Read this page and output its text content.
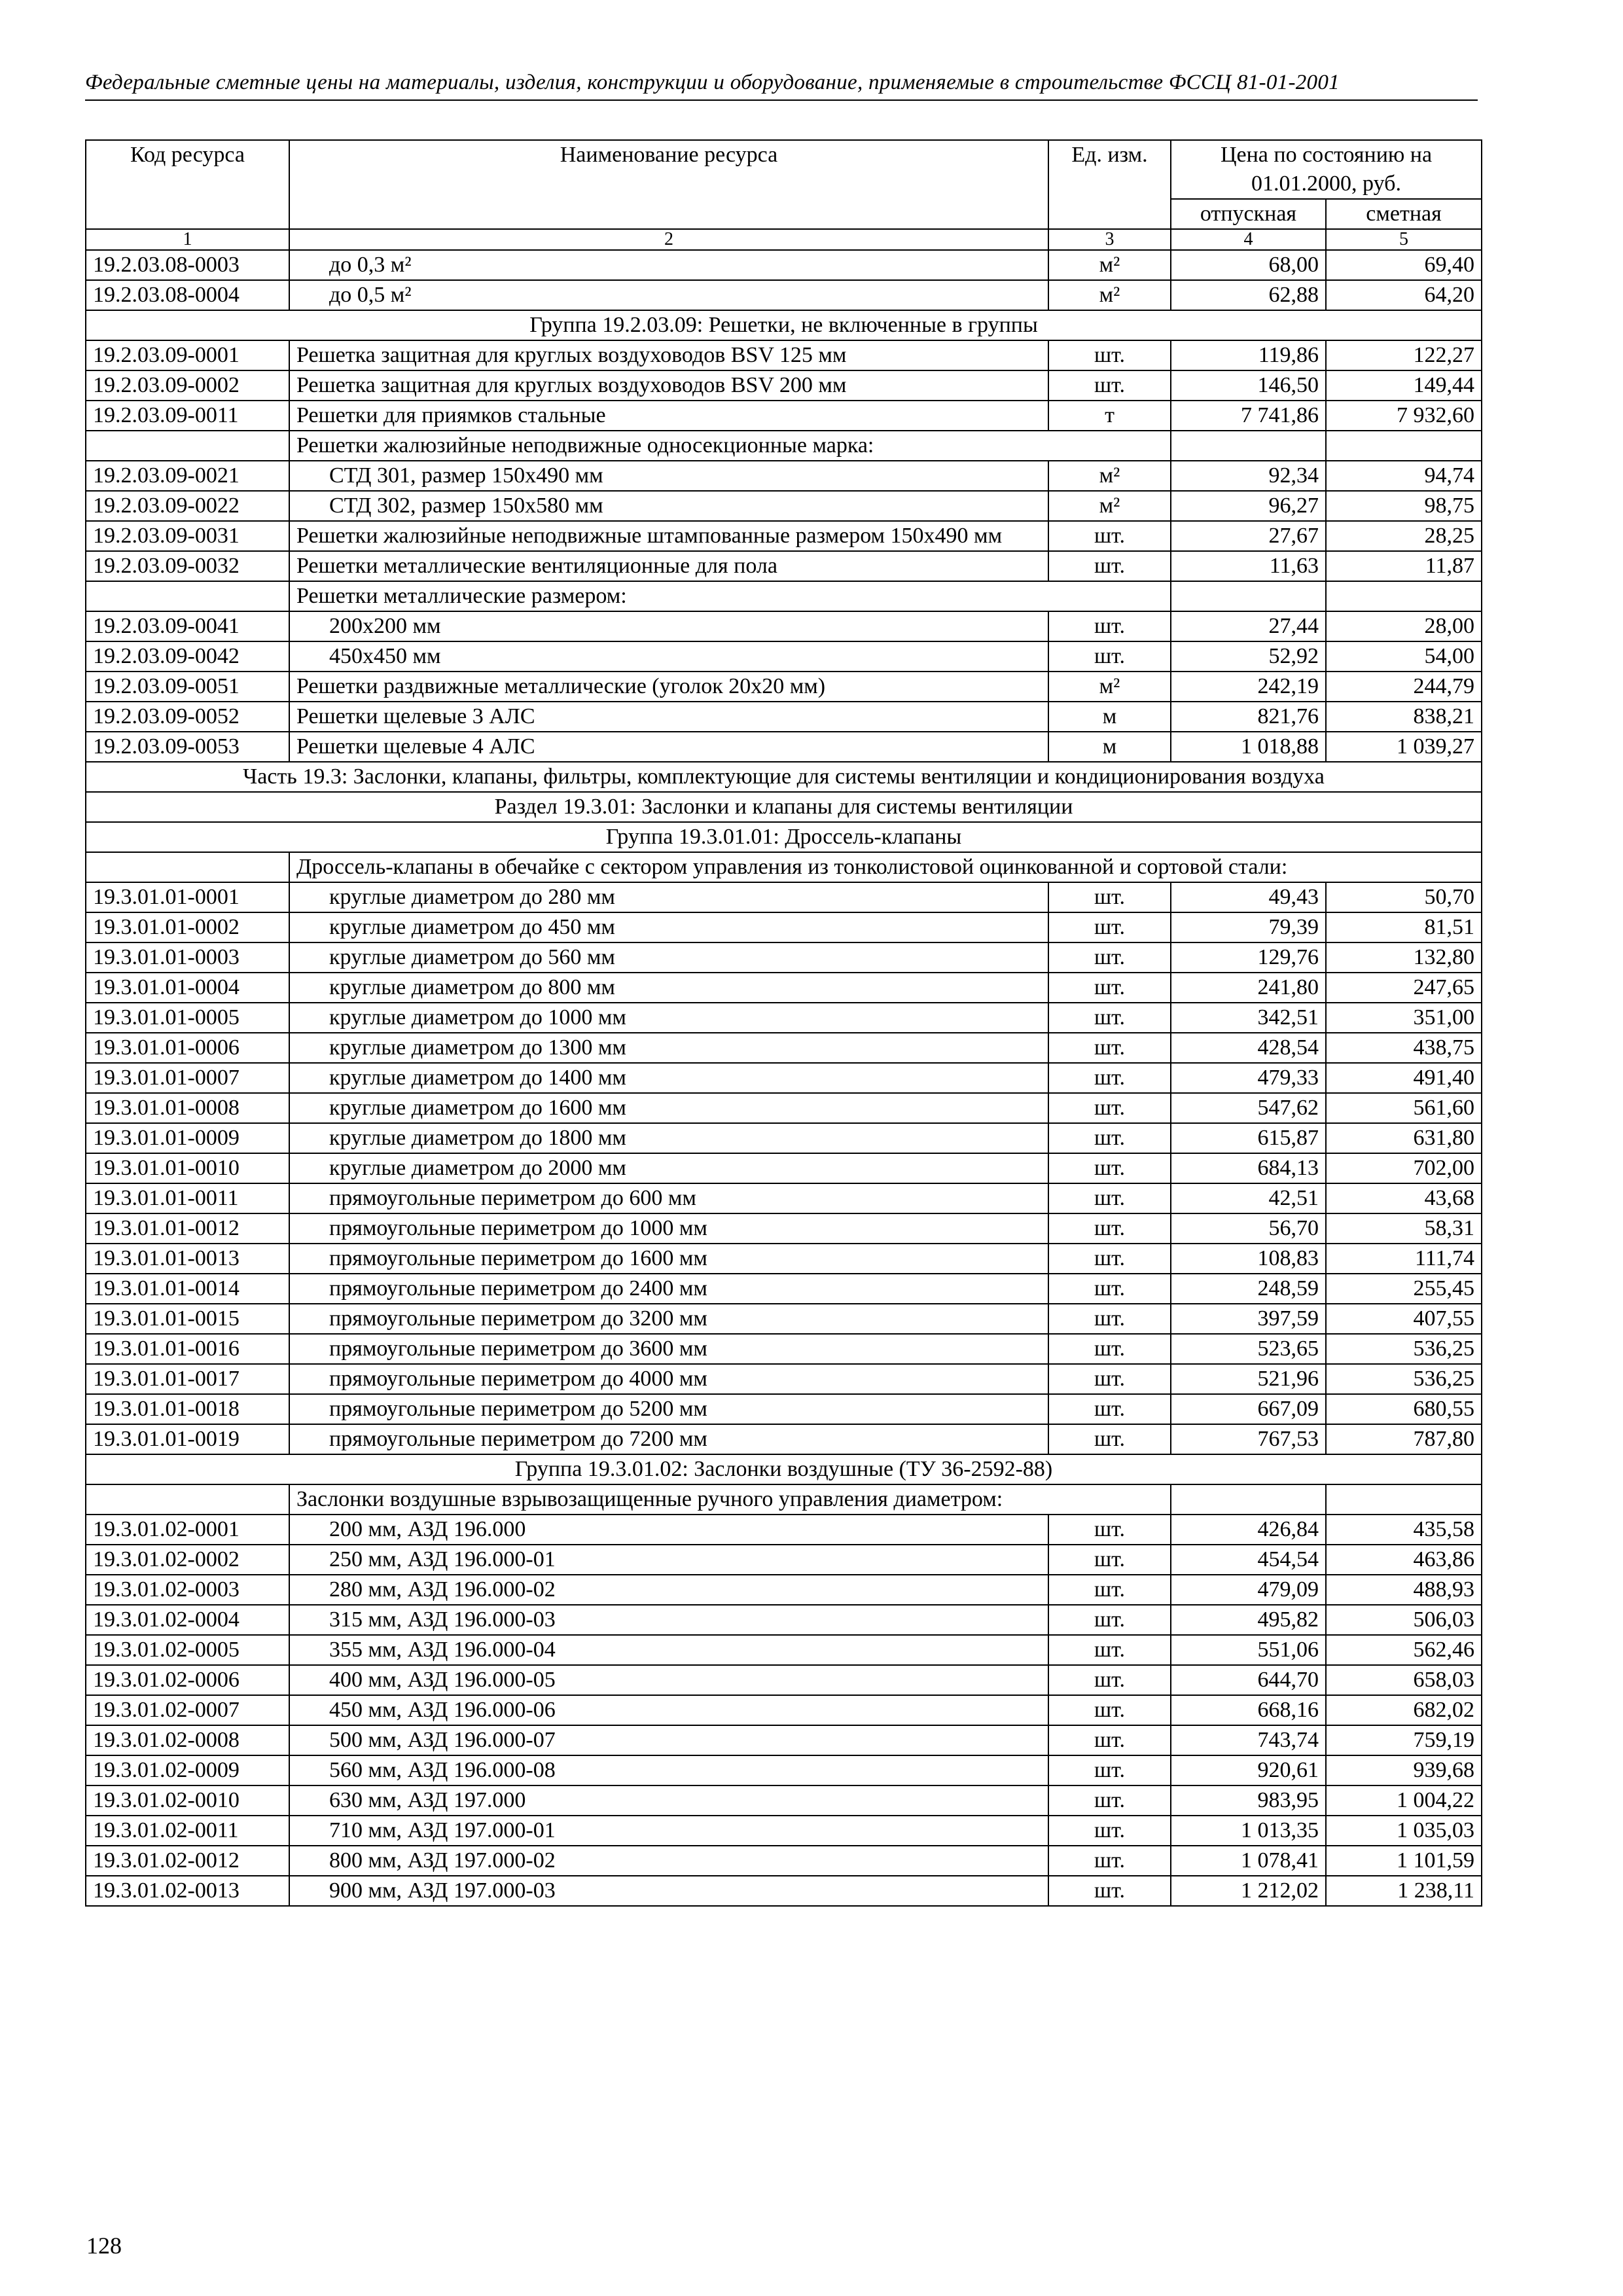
Федеральные сметные цены на материалы, изделия, конструкции и оборудование, применяемые в строительстве ФССЦ 81-01-2001
Код ресурса	Наименование ресурса	Ед. изм.	Цена по состоянию на 01.01.2000, руб.	
			отпускная	сметная
1	2	3	4	5
19.2.03.08-0003	до 0,3 м²	м²	68,00	69,40
19.2.03.08-0004	до 0,5 м²	м²	62,88	64,20
Группа 19.2.03.09: Решетки, не включенные в группы				
19.2.03.09-0001	Решетка защитная для круглых воздуховодов BSV 125 мм	шт.	119,86	122,27
19.2.03.09-0002	Решетка защитная для круглых воздуховодов BSV 200 мм	шт.	146,50	149,44
19.2.03.09-0011	Решетки для приямков стальные	т	7 741,86	7 932,60
	Решетки жалюзийные неподвижные односекционные марка:			
19.2.03.09-0021	СТД 301, размер 150х490 мм	м²	92,34	94,74
19.2.03.09-0022	СТД 302, размер 150х580 мм	м²	96,27	98,75
19.2.03.09-0031	Решетки жалюзийные неподвижные штампованные размером 150х490 мм	шт.	27,67	28,25
19.2.03.09-0032	Решетки металлические вентиляционные для пола	шт.	11,63	11,87
	Решетки металлические размером:			
19.2.03.09-0041	200х200 мм	шт.	27,44	28,00
19.2.03.09-0042	450х450 мм	шт.	52,92	54,00
19.2.03.09-0051	Решетки раздвижные металлические (уголок 20х20 мм)	м²	242,19	244,79
19.2.03.09-0052	Решетки щелевые 3 АЛС	м	821,76	838,21
19.2.03.09-0053	Решетки щелевые 4 АЛС	м	1 018,88	1 039,27
Часть 19.3: Заслонки, клапаны, фильтры, комплектующие для системы вентиляции и кондиционирования воздуха				
Раздел 19.3.01: Заслонки и клапаны для системы вентиляции				
Группа 19.3.01.01: Дроссель-клапаны				
	Дроссель-клапаны в обечайке с сектором управления из тонколистовой оцинкованной и сортовой стали:			
19.3.01.01-0001	круглые диаметром до 280 мм	шт.	49,43	50,70
19.3.01.01-0002	круглые диаметром до 450 мм	шт.	79,39	81,51
19.3.01.01-0003	круглые диаметром до 560 мм	шт.	129,76	132,80
19.3.01.01-0004	круглые диаметром до 800 мм	шт.	241,80	247,65
19.3.01.01-0005	круглые диаметром до 1000 мм	шт.	342,51	351,00
19.3.01.01-0006	круглые диаметром до 1300 мм	шт.	428,54	438,75
19.3.01.01-0007	круглые диаметром до 1400 мм	шт.	479,33	491,40
19.3.01.01-0008	круглые диаметром до 1600 мм	шт.	547,62	561,60
19.3.01.01-0009	круглые диаметром до 1800 мм	шт.	615,87	631,80
19.3.01.01-0010	круглые диаметром до 2000 мм	шт.	684,13	702,00
19.3.01.01-0011	прямоугольные периметром до 600 мм	шт.	42,51	43,68
19.3.01.01-0012	прямоугольные периметром до 1000 мм	шт.	56,70	58,31
19.3.01.01-0013	прямоугольные периметром до 1600 мм	шт.	108,83	111,74
19.3.01.01-0014	прямоугольные периметром до 2400 мм	шт.	248,59	255,45
19.3.01.01-0015	прямоугольные периметром до 3200 мм	шт.	397,59	407,55
19.3.01.01-0016	прямоугольные периметром до 3600 мм	шт.	523,65	536,25
19.3.01.01-0017	прямоугольные периметром до 4000 мм	шт.	521,96	536,25
19.3.01.01-0018	прямоугольные периметром до 5200 мм	шт.	667,09	680,55
19.3.01.01-0019	прямоугольные периметром до 7200 мм	шт.	767,53	787,80
Группа 19.3.01.02: Заслонки воздушные (ТУ 36-2592-88)				
	Заслонки воздушные взрывозащищенные ручного управления диаметром:			
19.3.01.02-0001	200 мм, АЗД 196.000	шт.	426,84	435,58
19.3.01.02-0002	250 мм, АЗД 196.000-01	шт.	454,54	463,86
19.3.01.02-0003	280 мм, АЗД 196.000-02	шт.	479,09	488,93
19.3.01.02-0004	315 мм, АЗД 196.000-03	шт.	495,82	506,03
19.3.01.02-0005	355 мм, АЗД 196.000-04	шт.	551,06	562,46
19.3.01.02-0006	400 мм, АЗД 196.000-05	шт.	644,70	658,03
19.3.01.02-0007	450 мм, АЗД 196.000-06	шт.	668,16	682,02
19.3.01.02-0008	500 мм, АЗД 196.000-07	шт.	743,74	759,19
19.3.01.02-0009	560 мм, АЗД 196.000-08	шт.	920,61	939,68
19.3.01.02-0010	630 мм, АЗД 197.000	шт.	983,95	1 004,22
19.3.01.02-0011	710 мм, АЗД 197.000-01	шт.	1 013,35	1 035,03
19.3.01.02-0012	800 мм, АЗД 197.000-02	шт.	1 078,41	1 101,59
19.3.01.02-0013	900 мм, АЗД 197.000-03	шт.	1 212,02	1 238,11
128
